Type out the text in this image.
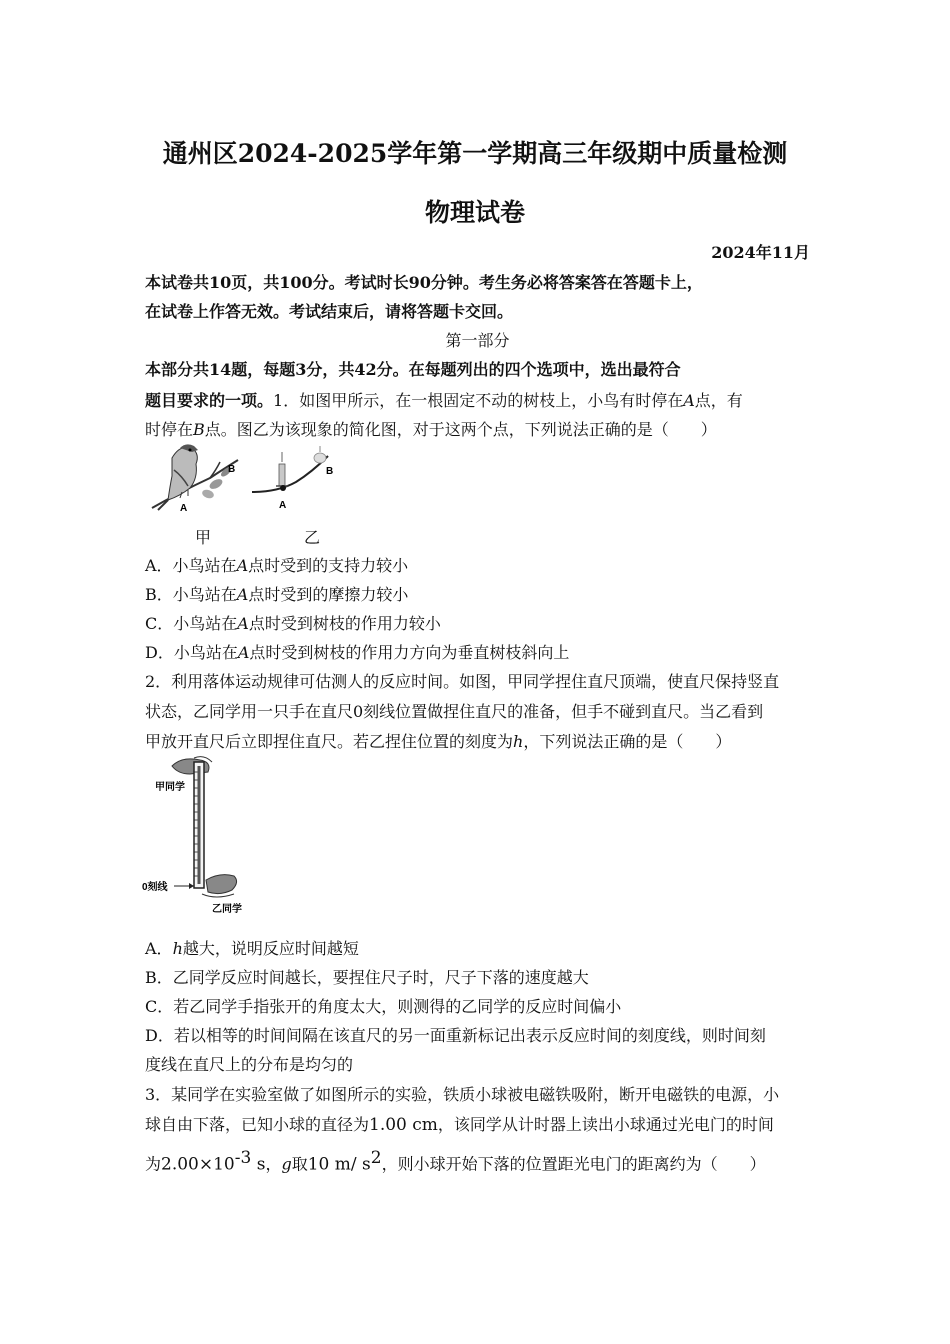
通州区2024-2025学年第一学期高三年级期中质量检测
物理试卷
2024年11月
本试卷共10页，共100分。考试时长90分钟。考生务必将答案答在答题卡上，
在试卷上作答无效。考试结束后，请将答题卡交回。
第一部分
本部分共14题，每题3分，共42分。在每题列出的四个选项中，选出最符合
题目要求的一项。1．如图甲所示，在一根固定不动的树枝上，小鸟有时停在A点，有
时停在B点。图乙为该现象的简化图，对于这两个点，下列说法正确的是（　　）
B
A
B
A
甲	乙
A．小鸟站在A点时受到的支持力较小
B．小鸟站在A点时受到的摩擦力较小
C．小鸟站在A点时受到树枝的作用力较小
D．小鸟站在A点时受到树枝的作用力方向为垂直树枝斜向上
2．利用落体运动规律可估测人的反应时间。如图，甲同学捏住直尺顶端，使直尺保持竖直
状态，乙同学用一只手在直尺0刻线位置做捏住直尺的准备，但手不碰到直尺。当乙看到
甲放开直尺后立即捏住直尺。若乙捏住位置的刻度为h，下列说法正确的是（　　）
甲同学
0刻线
乙同学
A．h越大，说明反应时间越短
B．乙同学反应时间越长，要捏住尺子时，尺子下落的速度越大
C．若乙同学手指张开的角度太大，则测得的乙同学的反应时间偏小
D．若以相等的时间间隔在该直尺的另一面重新标记出表示反应时间的刻度线，则时间刻
度线在直尺上的分布是均匀的
3．某同学在实验室做了如图所示的实验，铁质小球被电磁铁吸附，断开电磁铁的电源，小
球自由下落，已知小球的直径为1.00 cm，该同学从计时器上读出小球通过光电门的时间
为$2.00\times 10^{-3}$ s，g取10 m/ $s^2$，则小球开始下落的位置距光电门的距离约为（　　）
